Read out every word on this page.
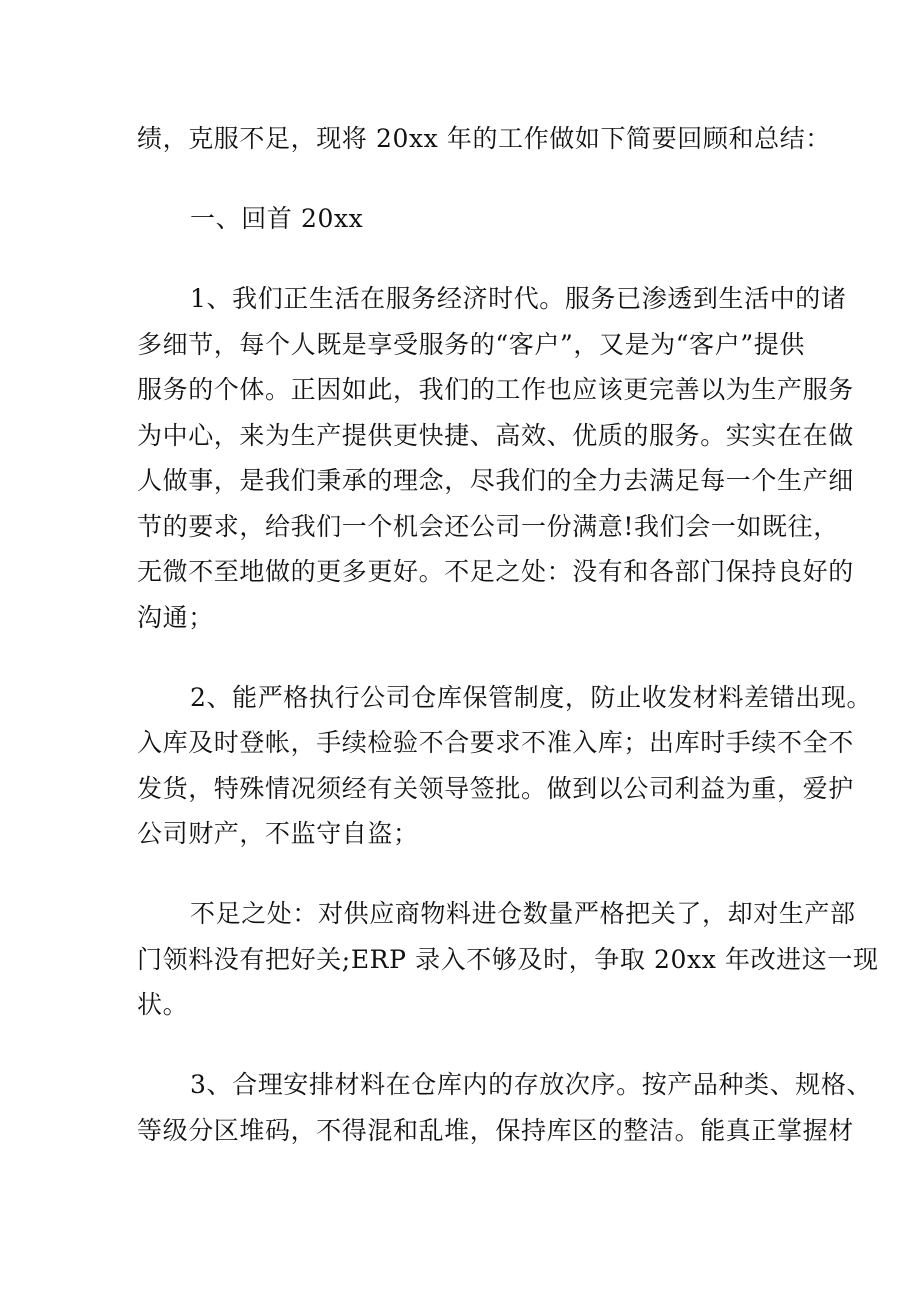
绩，克服不足，现将 20xx 年的工作做如下简要回顾和总结：
一、回首 20xx
1、我们正生活在服务经济时代。服务已渗透到生活中的诸
多细节，每个人既是享受服务的“客户”，又是为“客户”提供
服务的个体。正因如此，我们的工作也应该更完善以为生产服务
为中心，来为生产提供更快捷、高效、优质的服务。实实在在做
人做事，是我们秉承的理念，尽我们的全力去满足每一个生产细
节的要求，给我们一个机会还公司一份满意!我们会一如既往，
无微不至地做的更多更好。不足之处：没有和各部门保持良好的
沟通；
2、能严格执行公司仓库保管制度，防止收发材料差错出现。
入库及时登帐，手续检验不合要求不准入库；出库时手续不全不
发货，特殊情况须经有关领导签批。做到以公司利益为重，爱护
公司财产，不监守自盗；
不足之处：对供应商物料进仓数量严格把关了，却对生产部
门领料没有把好关;ERP 录入不够及时，争取 20xx 年改进这一现
状。
3、合理安排材料在仓库内的存放次序。按产品种类、规格、
等级分区堆码，不得混和乱堆，保持库区的整洁。能真正掌握材
